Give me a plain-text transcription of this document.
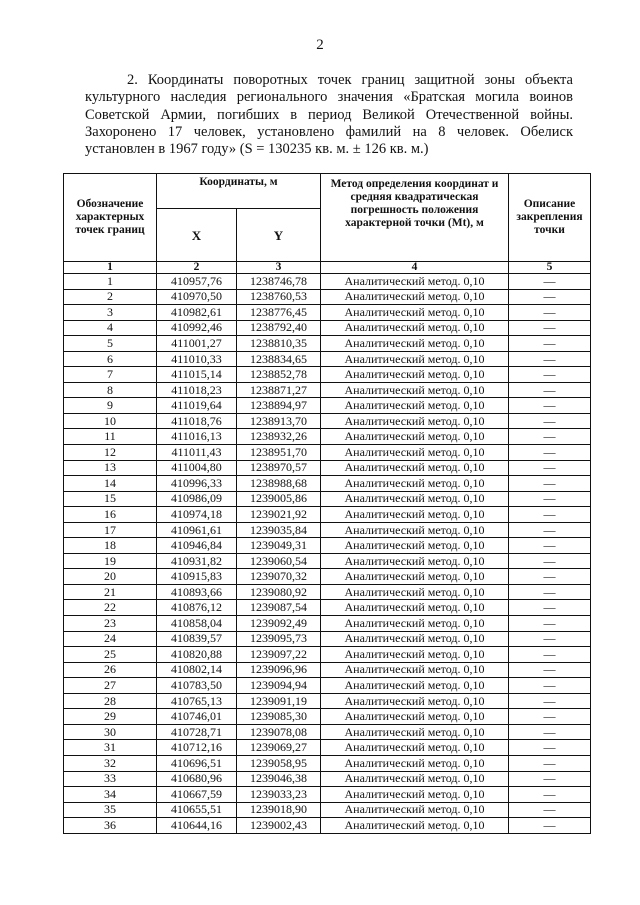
2
2. Координаты поворотных точек границ защитной зоны объекта
культурного наследия регионального значения «Братская могила воинов
Советской Армии, погибших в период Великой Отечественной войны.
Захоронено 17 человек, установлено фамилий на 8 человек. Обелиск
установлен в 1967 году» (S = 130235 кв. м. ± 126 кв. м.)
Обозначение характерных точек границ	Координаты, м		Метод определения координат и средняя квадратическая погрешность положения характерной точки (Mt), м	Описание закрепления точки
	X	Y		
1	2	3	4	5
1	410957,76	1238746,78	Аналитический метод. 0,10	—
2	410970,50	1238760,53	Аналитический метод. 0,10	—
3	410982,61	1238776,45	Аналитический метод. 0,10	—
4	410992,46	1238792,40	Аналитический метод. 0,10	—
5	411001,27	1238810,35	Аналитический метод. 0,10	—
6	411010,33	1238834,65	Аналитический метод. 0,10	—
7	411015,14	1238852,78	Аналитический метод. 0,10	—
8	411018,23	1238871,27	Аналитический метод. 0,10	—
9	411019,64	1238894,97	Аналитический метод. 0,10	—
10	411018,76	1238913,70	Аналитический метод. 0,10	—
11	411016,13	1238932,26	Аналитический метод. 0,10	—
12	411011,43	1238951,70	Аналитический метод. 0,10	—
13	411004,80	1238970,57	Аналитический метод. 0,10	—
14	410996,33	1238988,68	Аналитический метод. 0,10	—
15	410986,09	1239005,86	Аналитический метод. 0,10	—
16	410974,18	1239021,92	Аналитический метод. 0,10	—
17	410961,61	1239035,84	Аналитический метод. 0,10	—
18	410946,84	1239049,31	Аналитический метод. 0,10	—
19	410931,82	1239060,54	Аналитический метод. 0,10	—
20	410915,83	1239070,32	Аналитический метод. 0,10	—
21	410893,66	1239080,92	Аналитический метод. 0,10	—
22	410876,12	1239087,54	Аналитический метод. 0,10	—
23	410858,04	1239092,49	Аналитический метод. 0,10	—
24	410839,57	1239095,73	Аналитический метод. 0,10	—
25	410820,88	1239097,22	Аналитический метод. 0,10	—
26	410802,14	1239096,96	Аналитический метод. 0,10	—
27	410783,50	1239094,94	Аналитический метод. 0,10	—
28	410765,13	1239091,19	Аналитический метод. 0,10	—
29	410746,01	1239085,30	Аналитический метод. 0,10	—
30	410728,71	1239078,08	Аналитический метод. 0,10	—
31	410712,16	1239069,27	Аналитический метод. 0,10	—
32	410696,51	1239058,95	Аналитический метод. 0,10	—
33	410680,96	1239046,38	Аналитический метод. 0,10	—
34	410667,59	1239033,23	Аналитический метод. 0,10	—
35	410655,51	1239018,90	Аналитический метод. 0,10	—
36	410644,16	1239002,43	Аналитический метод. 0,10	—
